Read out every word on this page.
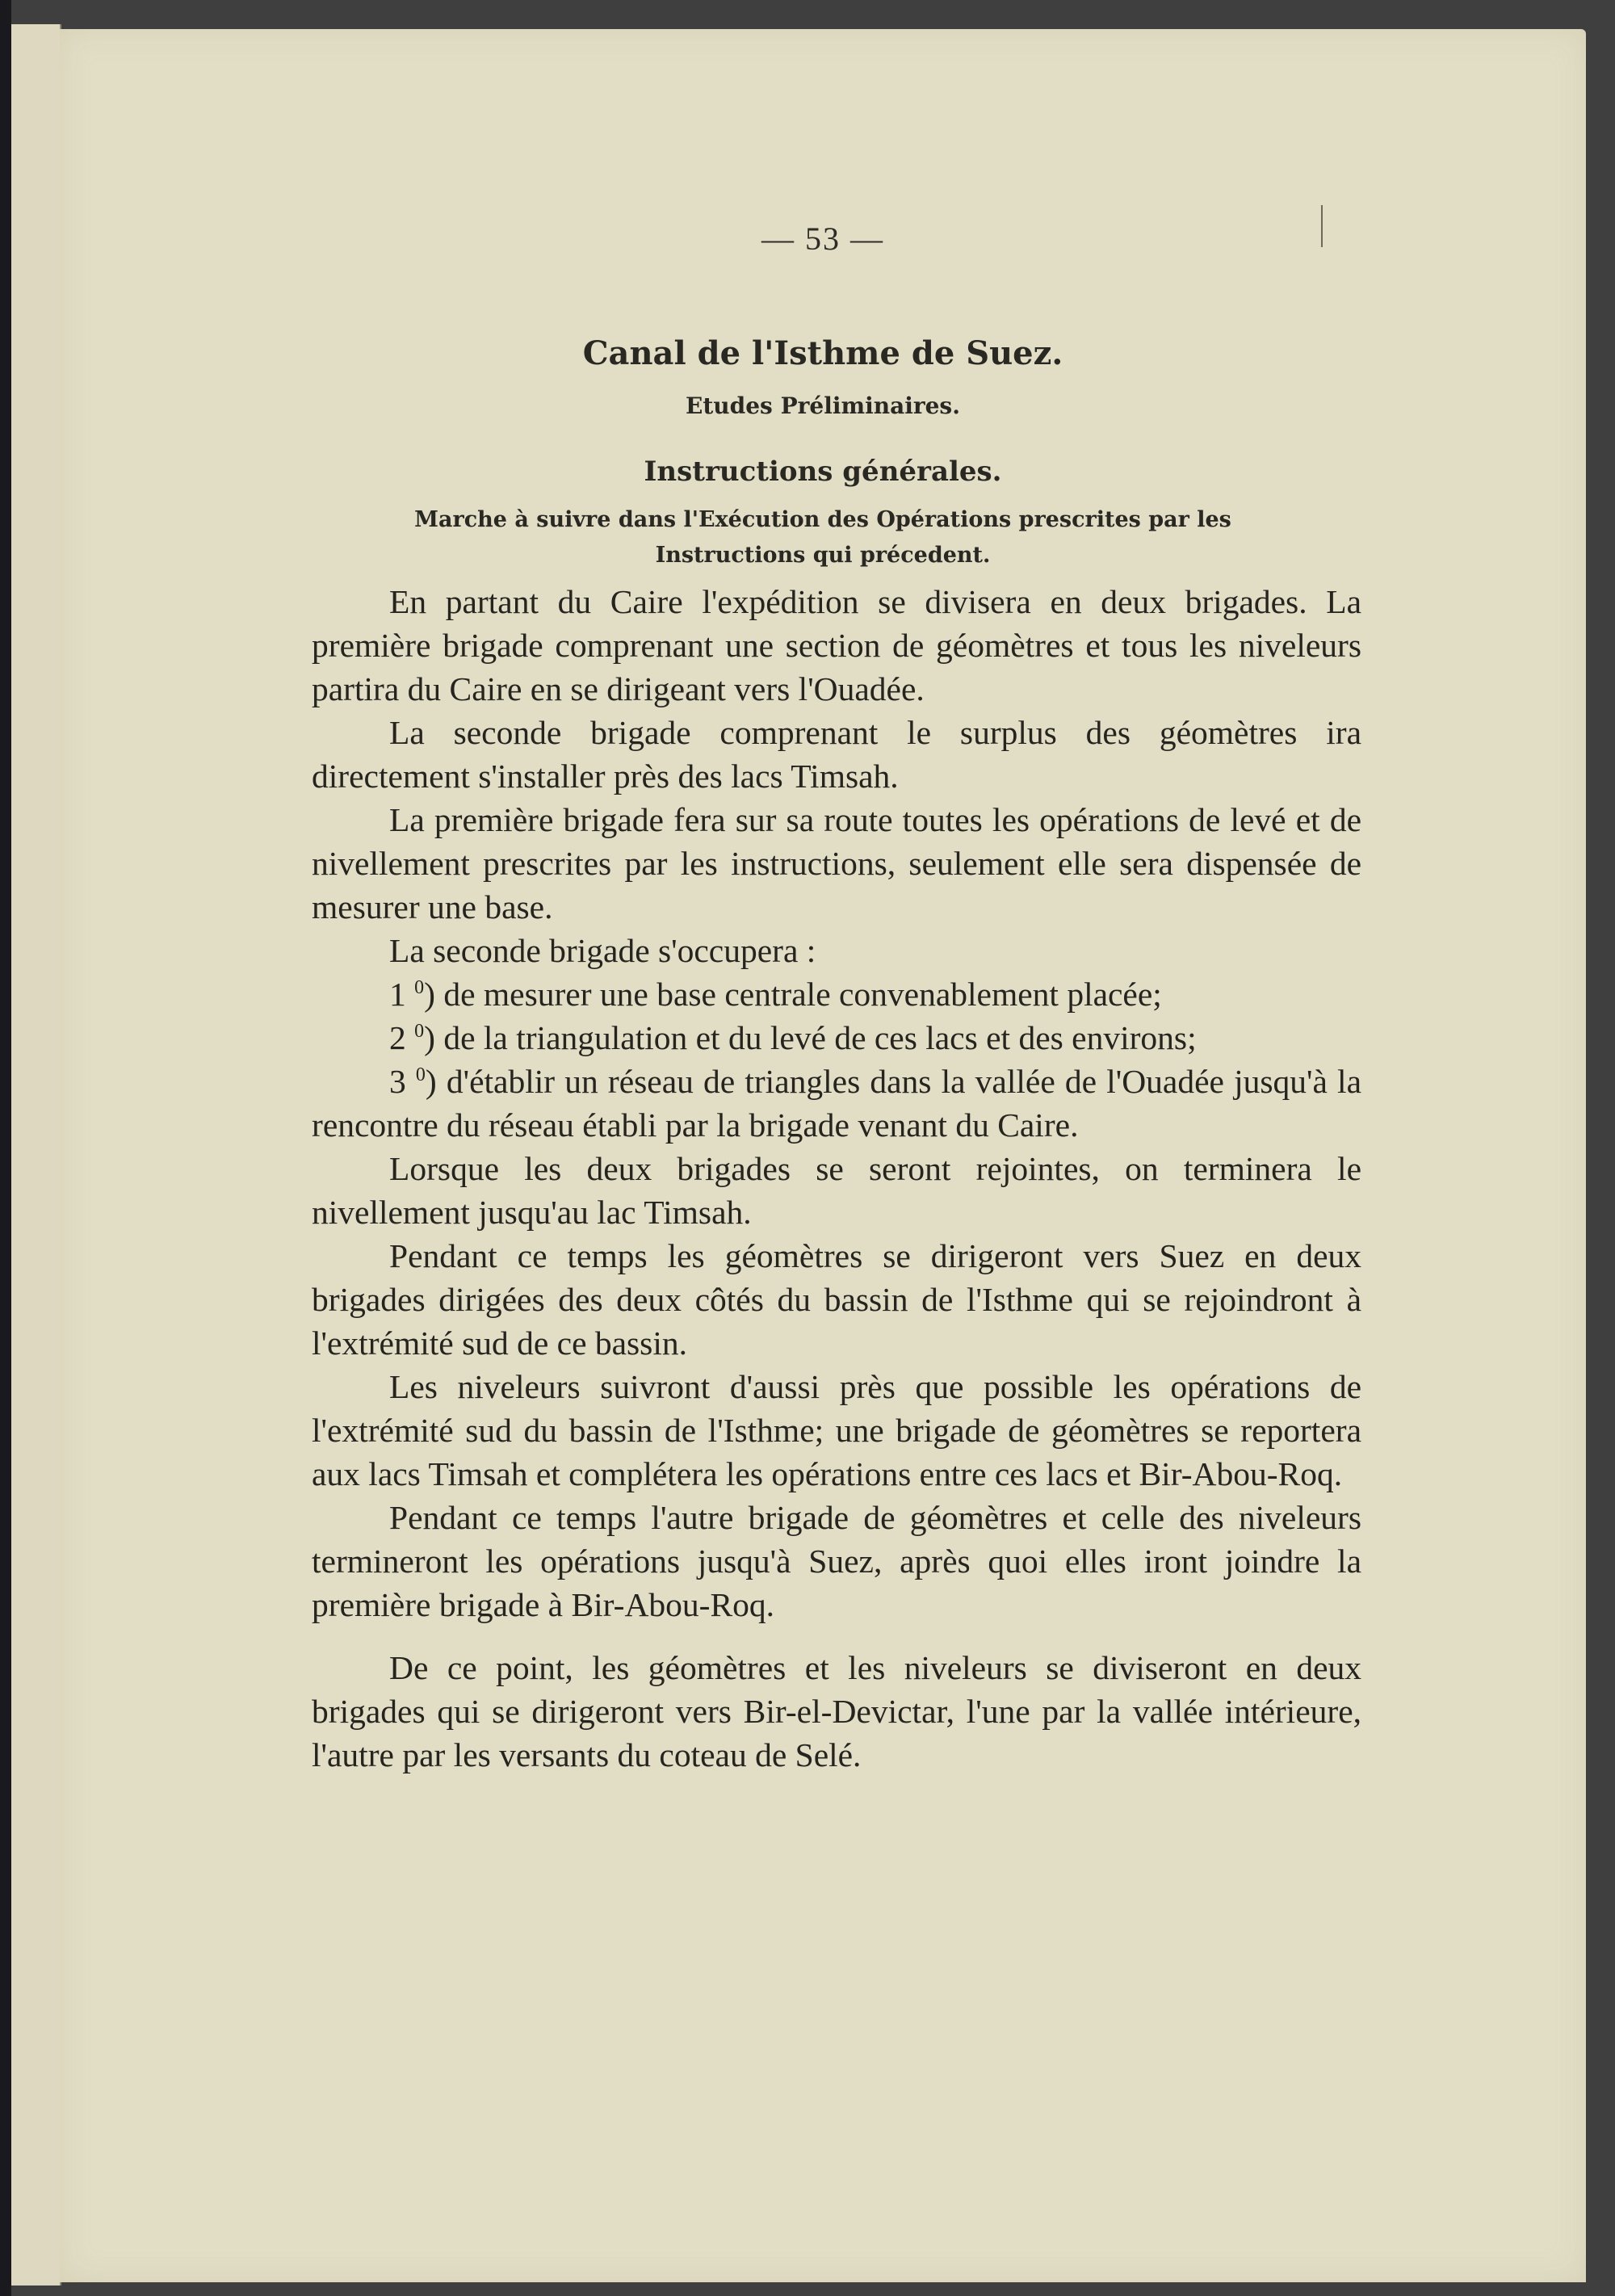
— 53 —
Canal de l'Isthme de Suez.
Etudes Préliminaires.
Instructions générales.
Marche à suivre dans l'Exécution des Opérations prescrites par les
Instructions qui précedent.

En partant du Caire l'expédition se divisera en deux brigades. La première brigade comprenant une section de géomètres et tous les niveleurs partira du Caire en se dirigeant vers l'Ouadée.

La seconde brigade comprenant le surplus des géomètres ira directement s'installer près des lacs Timsah.

La première brigade fera sur sa route toutes les opérations de levé et de nivellement prescrites par les instructions, seulement elle sera dispensée de mesurer une base.

La seconde brigade s'occupera :

1 $^0$) de mesurer une base centrale convenablement placée;

2 $^0$) de la triangulation et du levé de ces lacs et des environs;

3 $^0$) d'établir un réseau de triangles dans la vallée de l'Ouadée jusqu'à la rencontre du réseau établi par la brigade venant du Caire.

Lorsque les deux brigades se seront rejointes, on terminera le nivellement jusqu'au lac Timsah.

Pendant ce temps les géomètres se dirigeront vers Suez en deux brigades dirigées des deux côtés du bassin de l'Isthme qui se rejoindront à l'extrémité sud de ce bassin.

Les niveleurs suivront d'aussi près que possible les opérations de l'extrémité sud du bassin de l'Isthme; une brigade de géomètres se reportera aux lacs Timsah et complétera les opérations entre ces lacs et Bir-Abou-Roq.

Pendant ce temps l'autre brigade de géomètres et celle des niveleurs termineront les opérations jusqu'à Suez, après quoi elles iront joindre la première brigade à Bir-Abou-Roq.

De ce point, les géomètres et les niveleurs se diviseront en deux brigades qui se dirigeront vers Bir-el-Devictar, l'une par la vallée intérieure, l'autre par les versants du coteau de Selé.
